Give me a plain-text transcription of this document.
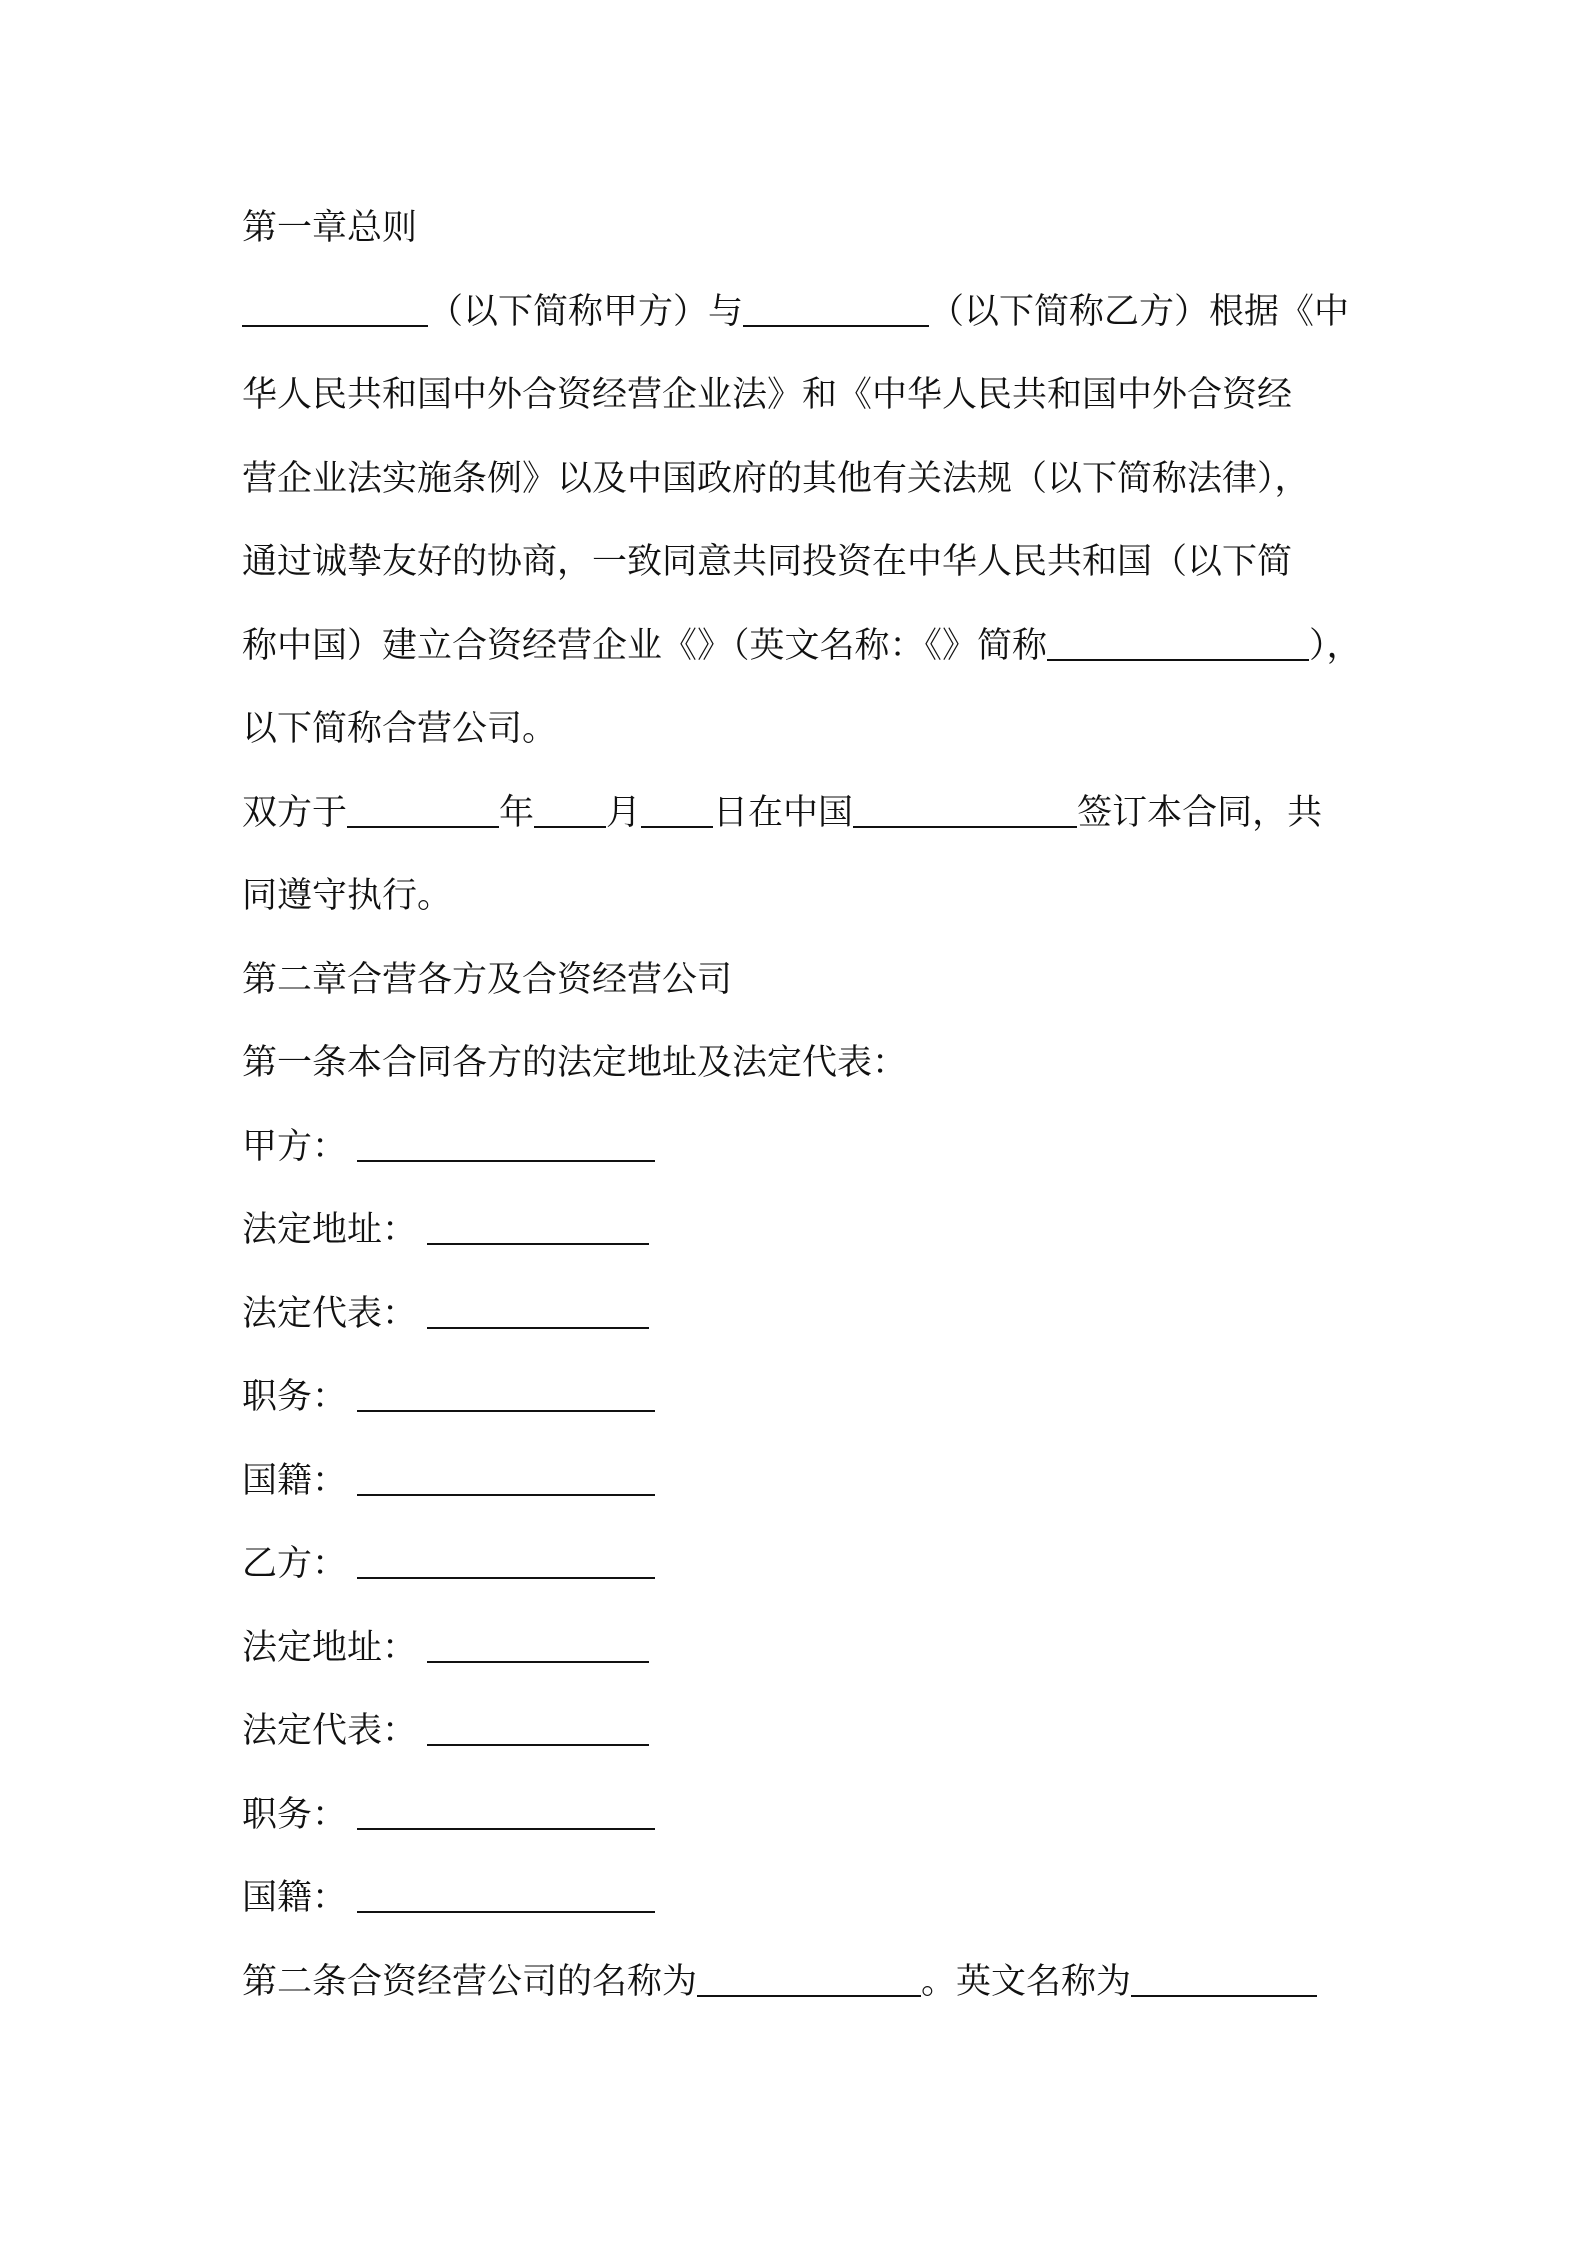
第一章总则
（以下简称甲方）与	（以下简称乙方）根据《中
华人民共和国中外合资经营企业法》和《中华人民共和国中外合资经
营企业法实施条例》以及中国政府的其他有关法规（以下简称法律），
通过诚挚友好的协商，一致同意共同投资在中华人民共和国（以下简
称中国）建立合资经营企业《》（英文名称：《》简称	），
以下简称合营公司。
双方于	年 月 日在中国	签订本合同，共
同遵守执行。
第二章合营各方及合资经营公司
第一条本合同各方的法定地址及法定代表：
甲方：
法定地址：
法定代表：
职务：
国籍：
乙方：
法定地址：
法定代表：
职务：
国籍：
第二条合资经营公司的名称为	。英文名称为
